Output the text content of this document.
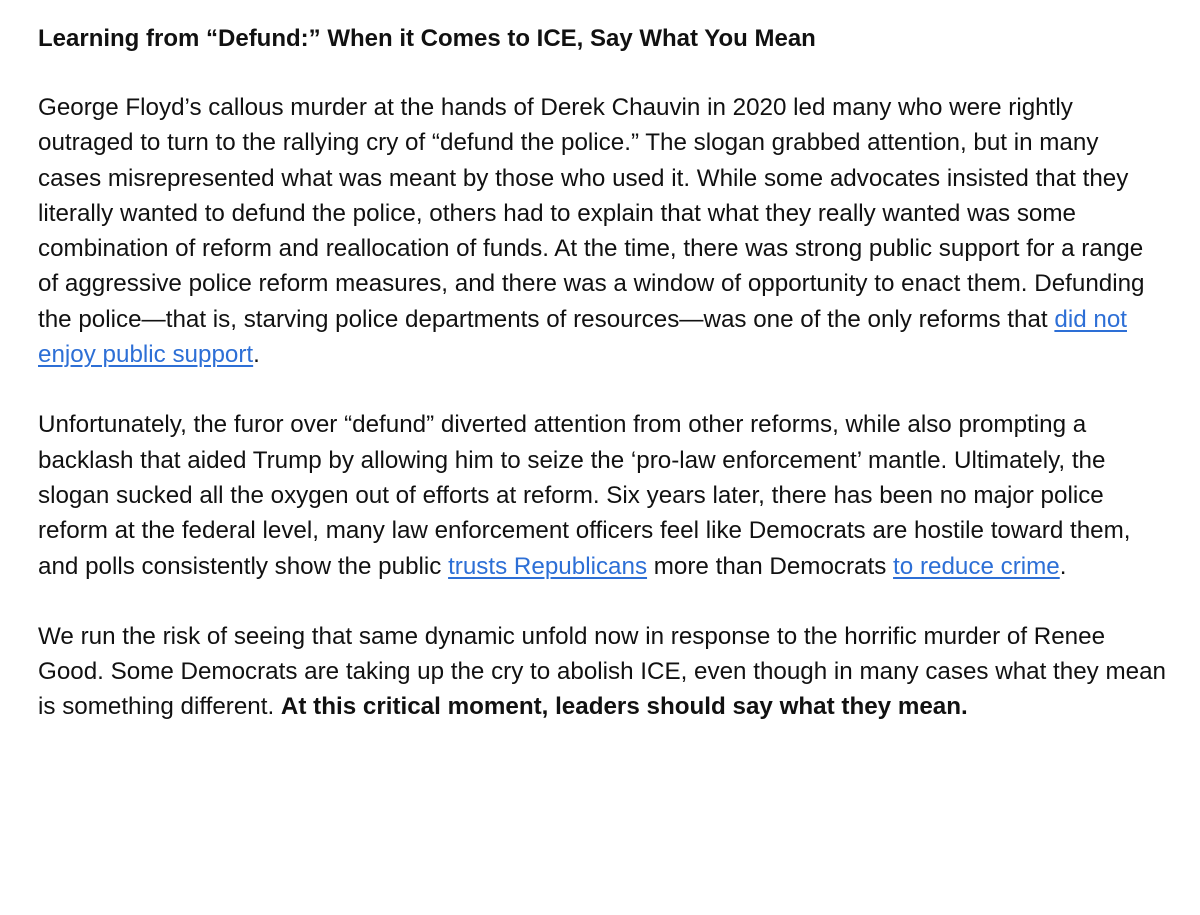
Learning from “Defund:” When it Comes to ICE, Say What You Mean

George Floyd’s callous murder at the hands of Derek Chauvin in 2020 led many who were rightly outraged to turn to the rallying cry of “defund the police.” The slogan grabbed attention, but in many cases misrepresented what was meant by those who used it. While some advocates insisted that they literally wanted to defund the police, others had to explain that what they really wanted was some combination of reform and reallocation of funds. At the time, there was strong public support for a range of aggressive police reform measures, and there was a window of opportunity to enact them. Defunding the police—that is, starving police departments of resources—was one of the only reforms that did not enjoy public support.

Unfortunately, the furor over “defund” diverted attention from other reforms, while also prompting a backlash that aided Trump by allowing him to seize the ‘pro-law enforcement’ mantle. Ultimately, the slogan sucked all the oxygen out of efforts at reform. Six years later, there has been no major police reform at the federal level, many law enforcement officers feel like Democrats are hostile toward them, and polls consistently show the public trusts Republicans more than Democrats to reduce crime.

We run the risk of seeing that same dynamic unfold now in response to the horrific murder of Renee Good. Some Democrats are taking up the cry to abolish ICE, even though in many cases what they mean is something different. At this critical moment, leaders should say what they mean.
